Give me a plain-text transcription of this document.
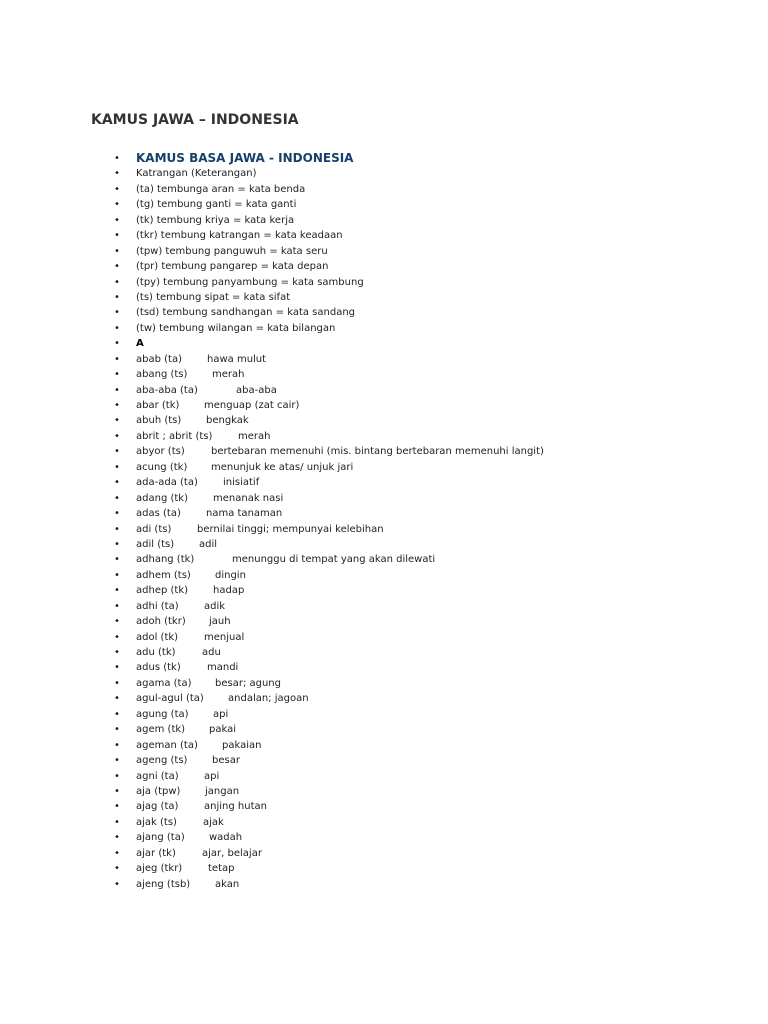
KAMUS JAWA – INDONESIA
• KAMUS BASA JAWA - INDONESIA
• Katrangan (Keterangan)
• (ta) tembunga aran = kata benda
• (tg) tembung ganti = kata ganti
• (tk) tembung kriya = kata kerja
• (tkr) tembung katrangan = kata keadaan
• (tpw) tembung panguwuh = kata seru
• (tpr) tembung pangarep = kata depan
• (tpy) tembung panyambung = kata sambung
• (ts) tembung sipat = kata sifat
• (tsd) tembung sandhangan = kata sandang
• (tw) tembung wilangan = kata bilangan
• A
• abab (ta)	hawa mulut
• abang (ts) merah
• aba-aba (ta)	aba-aba
• abar (tk) menguap (zat cair)
• abuh (ts) bengkak
• abrit ; abrit (ts)	merah
• abyor (ts)	bertebaran memenuhi (mis. bintang bertebaran memenuhi langit)
• acung (tk) menunjuk ke atas/ unjuk jari
• ada-ada (ta)	inisiatif
• adang (tk)	menanak nasi
• adas (ta)	nama tanaman
• adi (ts)	bernilai tinggi; mempunyai kelebihan
• adil (ts) adil
• adhang (tk)	menunggu di tempat yang akan dilewati
• adhem (ts) dingin
• adhep (tk) hadap
• adhi (ta)	adik
• adoh (tkr) jauh
• adol (tk)	menjual
• adu (tk)	adu
• adus (tk)	mandi
• agama (ta) besar; agung
• agul-agul (ta) andalan; jagoan
• agung (ta) api
• agem (tk) pakai
• ageman (ta) pakaian
• ageng (ts) besar
• agni (ta)	api
• aja (tpw) jangan
• ajag (ta)	anjing hutan
• ajak (ts)	ajak
• ajang (ta) wadah
• ajar (tk)	ajar, belajar
• ajeg (tkr)	tetap
• ajeng (tsb) akan
